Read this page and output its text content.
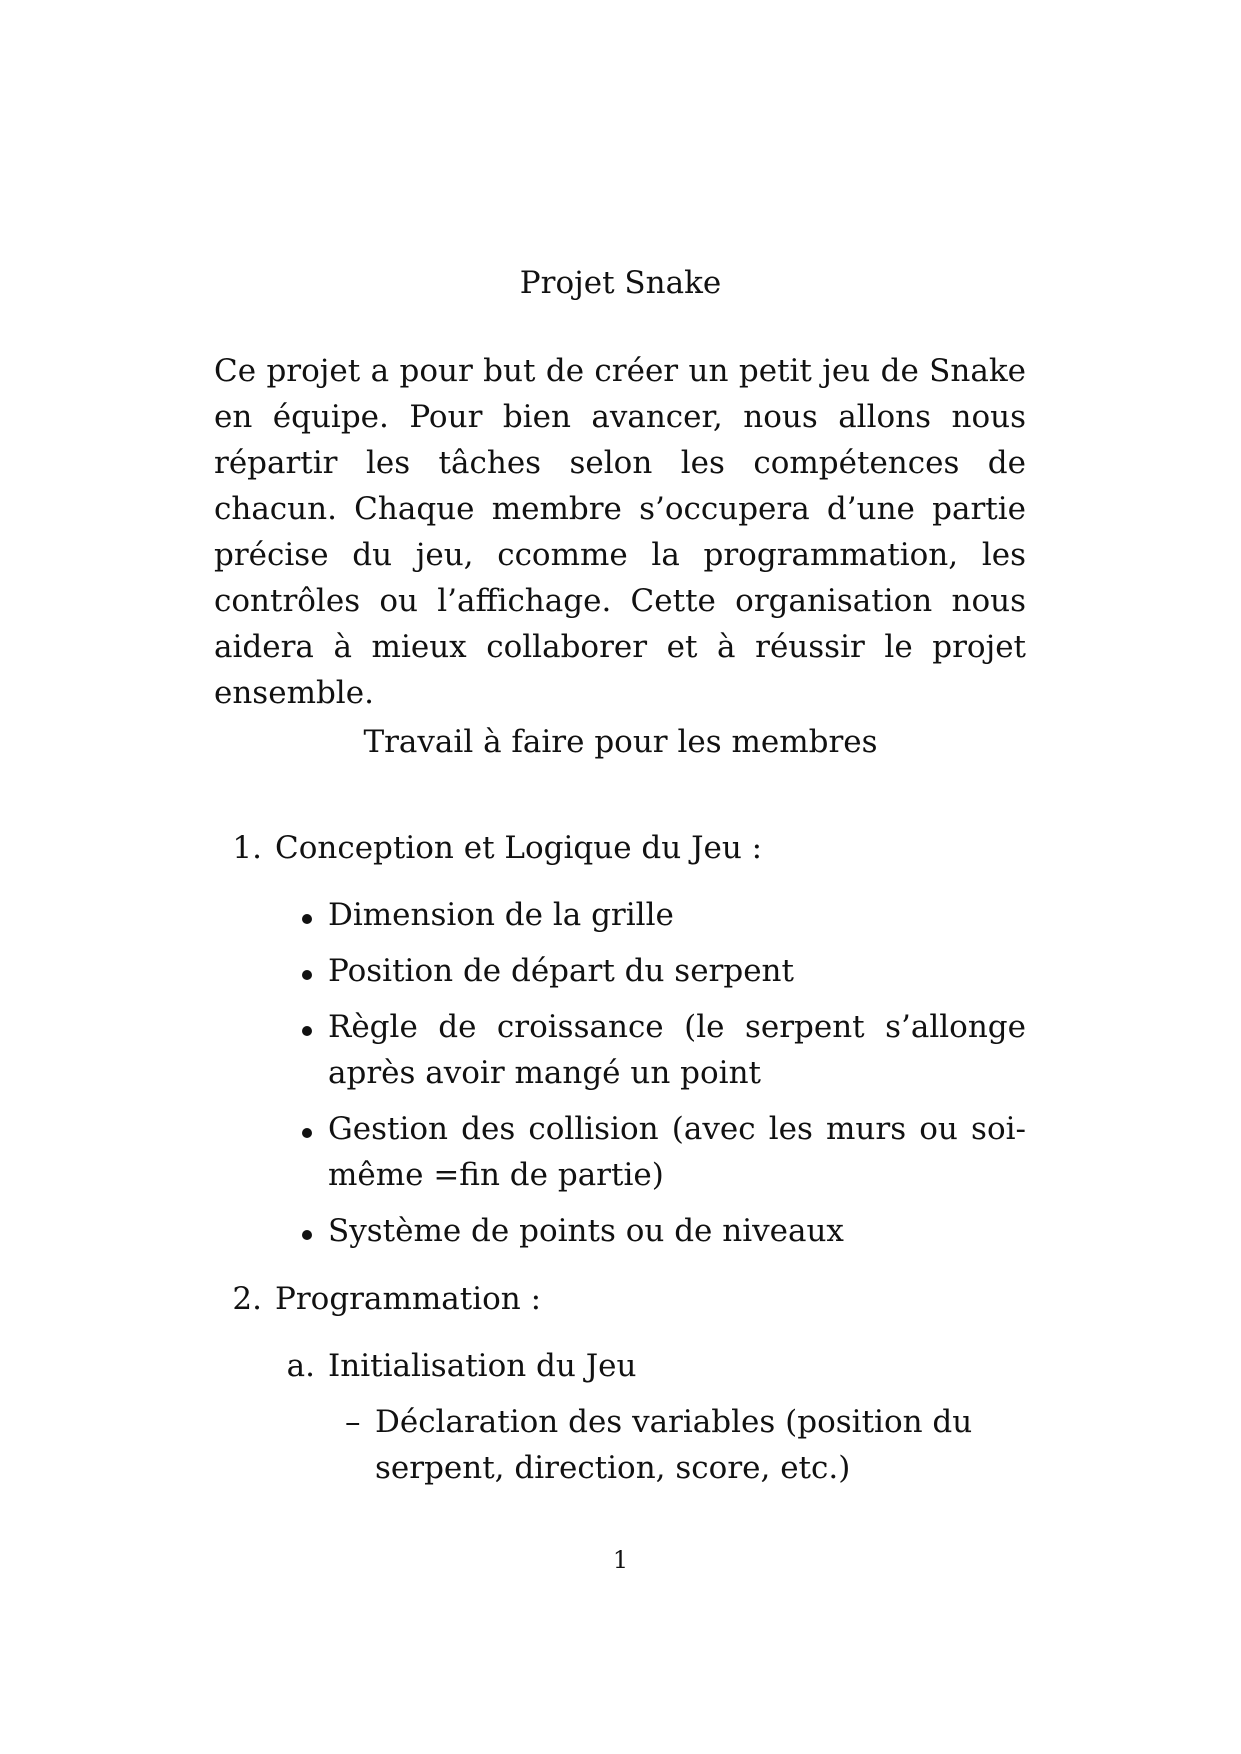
Projet Snake

Ce projet a pour but de créer un petit jeu de Snake en équipe. Pour bien avancer, nous allons nous répartir les tâches selon les compétences de chacun. Chaque membre s’occupera d’une partie précise du jeu, ccomme la programmation, les contrôles ou l’affichage. Cette organisation nous aidera à mieux collaborer et à réussir le projet ensemble.

Travail à faire pour les membres
1. Conception et Logique du Jeu :
Dimension de la grille
Position de départ du serpent
Règle de croissance (le serpent s’allonge après avoir mangé un point
Gestion des collision (avec les murs ou soi-même =fin de partie)
Système de points ou de niveaux
2. Programmation :
a. Initialisation du Jeu
– Déclaration des variables (position du serpent, direction, score, etc.)
1
